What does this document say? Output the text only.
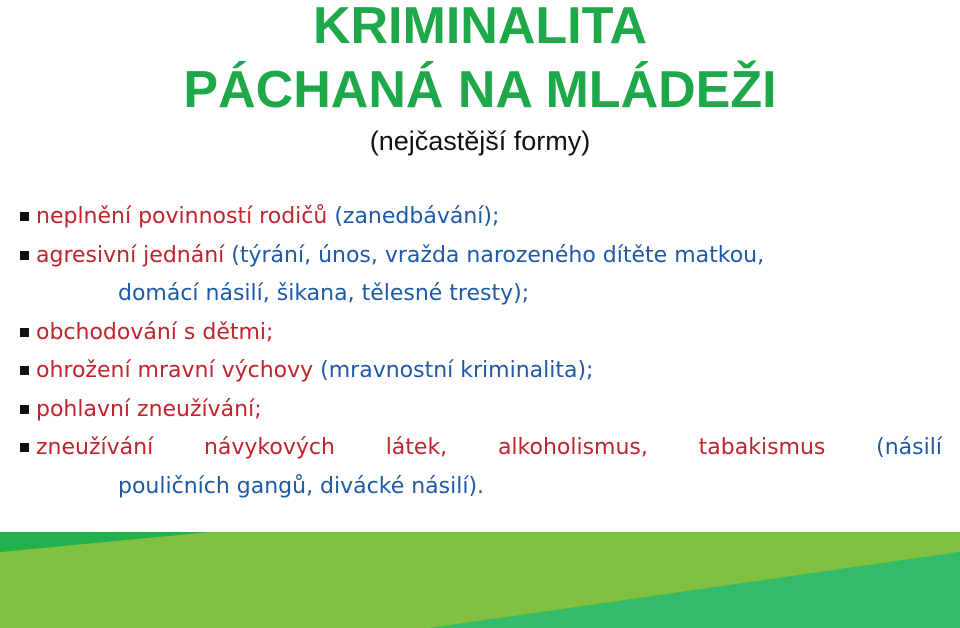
KRIMINALITA
PÁCHANÁ NA MLÁDEŽI
(nejčastější formy)
neplnění povinností rodičů (zanedbávání);
agresivní jednání (týrání, únos, vražda narozeného dítěte matkou,
domácí násilí, šikana, tělesné tresty);
obchodování s dětmi;
ohrožení mravní výchovy (mravnostní kriminalita);
pohlavní zneužívání;
zneužívání návykových látek, alkoholismus, tabakismus (násilí
pouličních gangů, divácké násilí).
